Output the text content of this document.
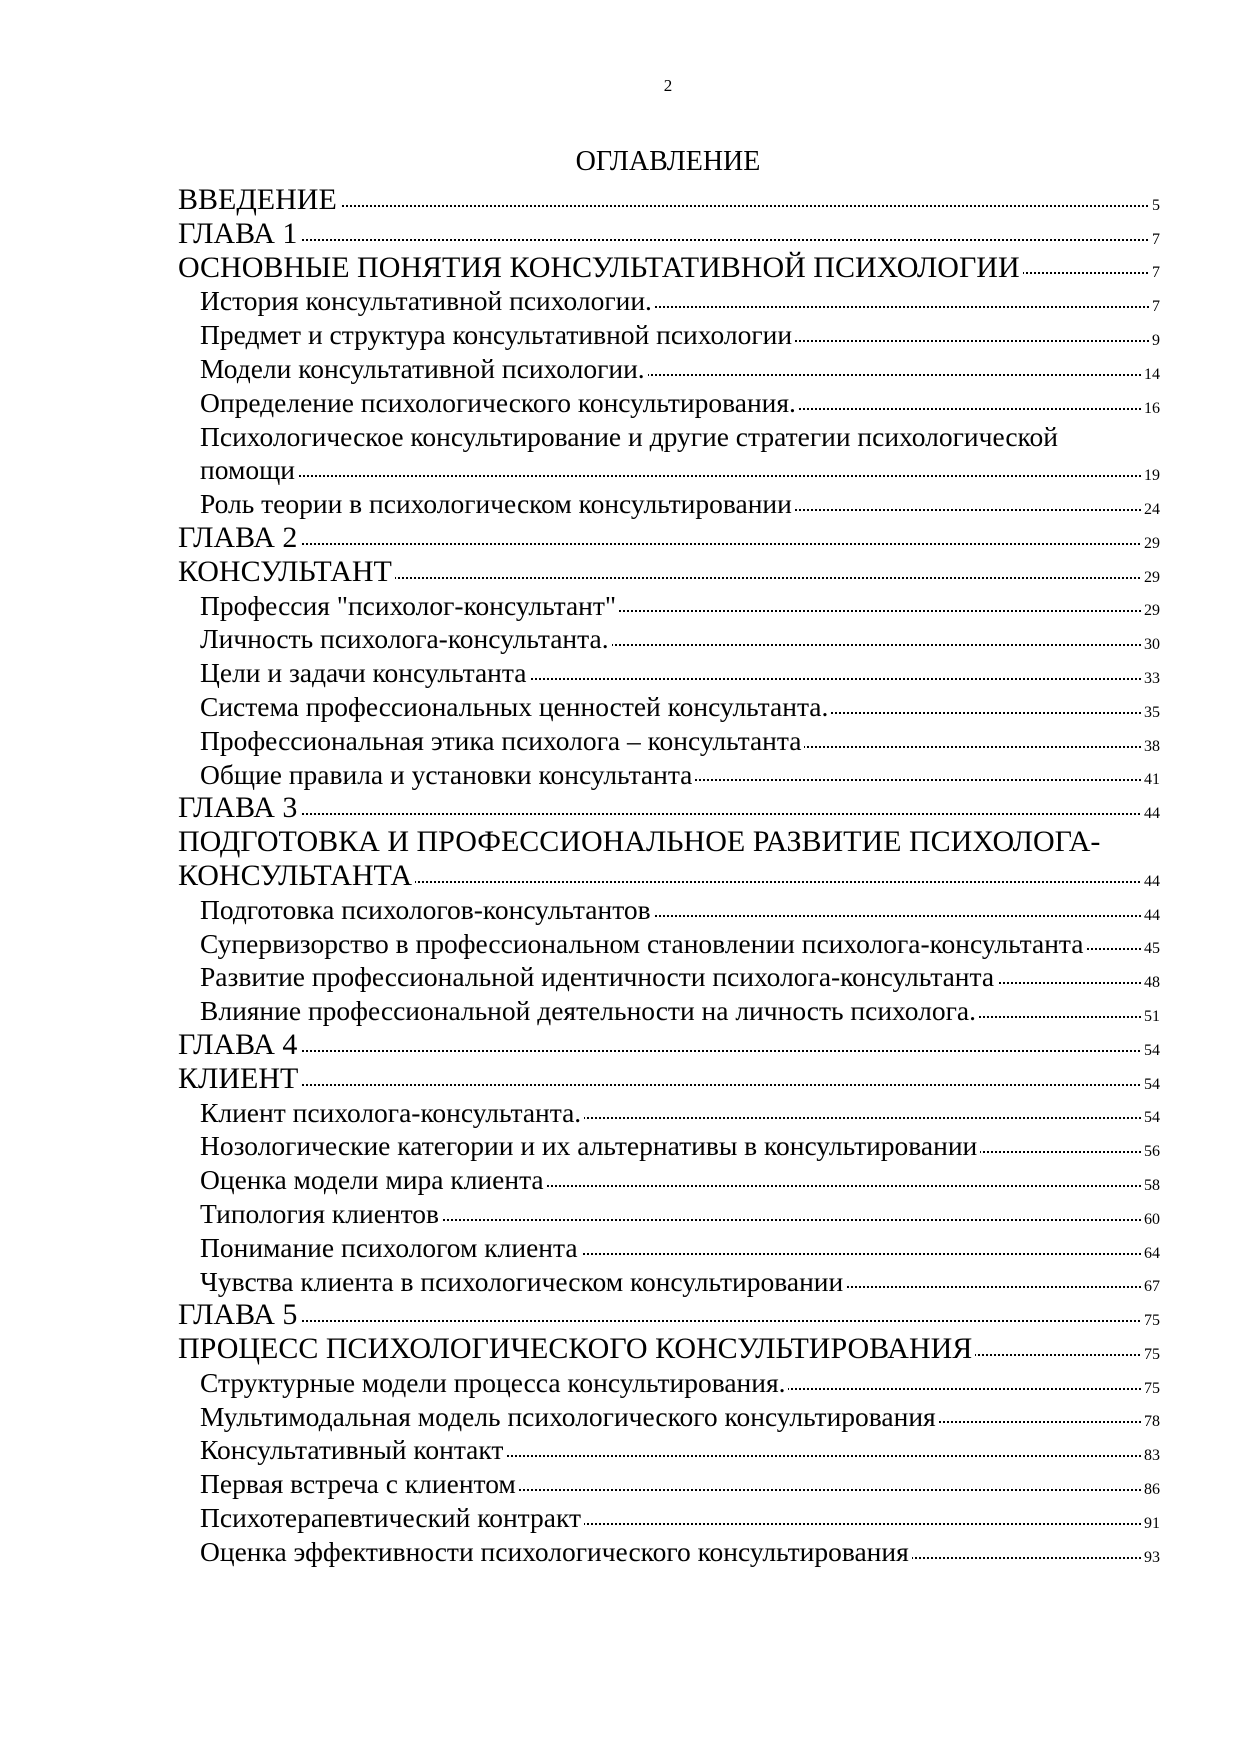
2
ОГЛАВЛЕНИЕ
ВВЕДЕНИЕ	5
ГЛАВА 1	7
ОСНОВНЫЕ ПОНЯТИЯ КОНСУЛЬТАТИВНОЙ ПСИХОЛОГИИ	7
История консультативной психологии.	7
Предмет и структура консультативной психологии	9
Модели консультативной психологии.	14
Определение психологического консультирования.	16
Психологическое консультирование и другие стратегии психологической
помощи	19
Роль теории в психологическом консультировании	24
ГЛАВА 2	29
КОНСУЛЬТАНТ	29
Профессия "психолог-консультант"	29
Личность психолога-консультанта.	30
Цели и задачи консультанта	33
Система профессиональных ценностей консультанта.	35
Профессиональная этика психолога – консультанта	38
Общие правила и установки консультанта	41
ГЛАВА 3	44
ПОДГОТОВКА И ПРОФЕССИОНАЛЬНОЕ РАЗВИТИЕ ПСИХОЛОГА-
КОНСУЛЬТАНТА	44
Подготовка психологов-консультантов	44
Супервизорство в профессиональном становлении психолога-консультанта	45
Развитие профессиональной идентичности психолога-консультанта	48
Влияние профессиональной деятельности на личность психолога.	51
ГЛАВА 4	54
КЛИЕНТ	54
Клиент психолога-консультанта.	54
Нозологические категории и их альтернативы в консультировании	56
Оценка модели мира клиента	58
Типология клиентов	60
Понимание психологом клиента	64
Чувства клиента в психологическом консультировании	67
ГЛАВА 5	75
ПРОЦЕСС ПСИХОЛОГИЧЕСКОГО КОНСУЛЬТИРОВАНИЯ	75
Структурные модели процесса консультирования.	75
Мультимодальная модель психологического консультирования	78
Консультативный контакт	83
Первая встреча с клиентом	86
Психотерапевтический контракт	91
Оценка эффективности психологического консультирования	93
